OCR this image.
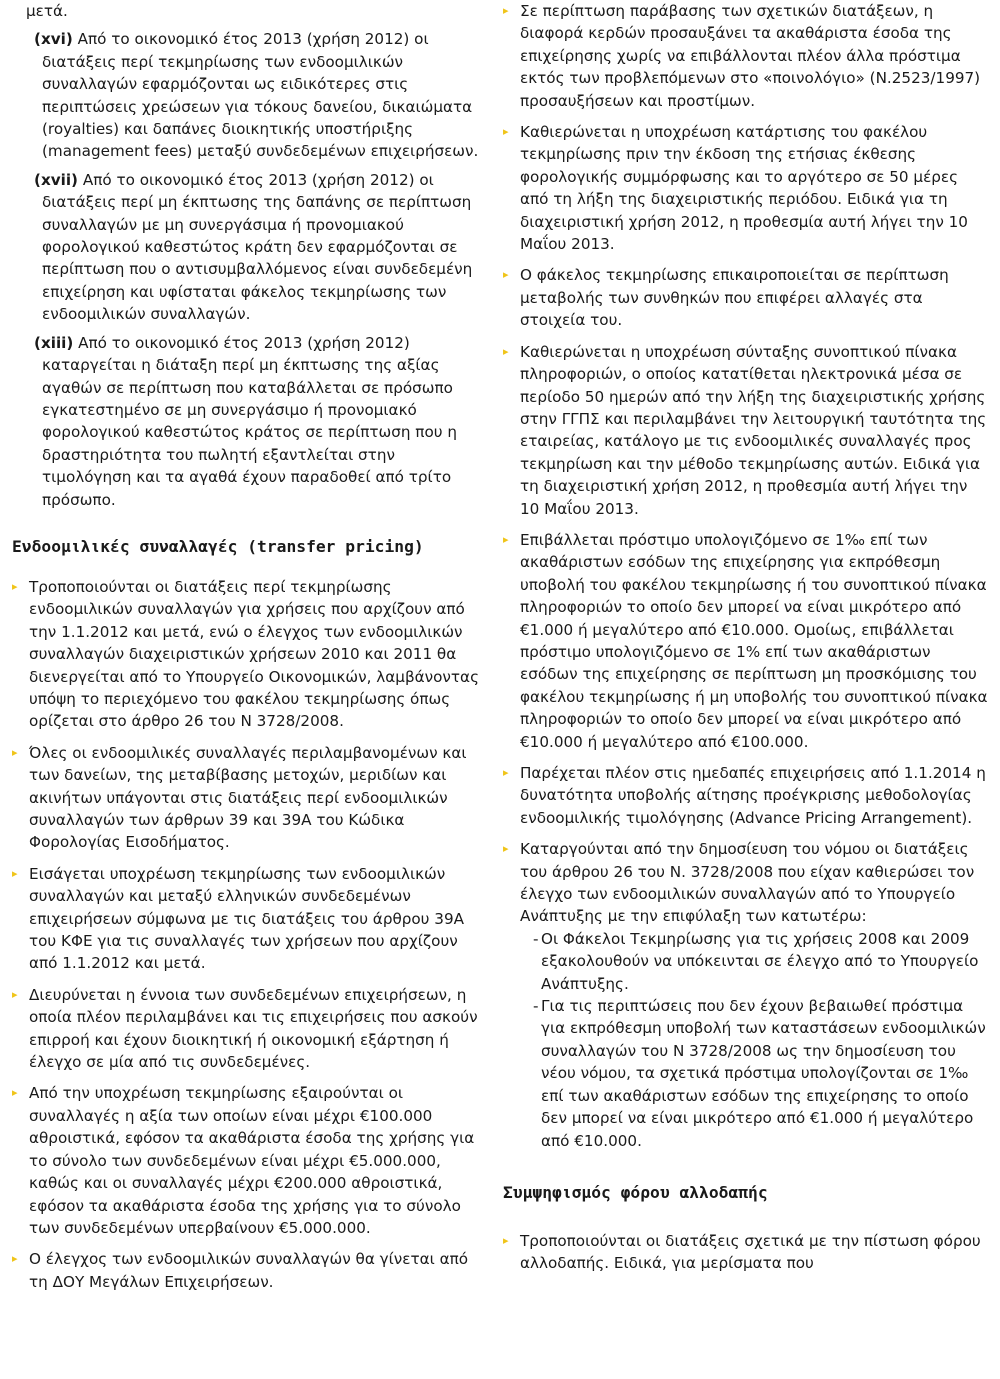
μετά.
(xvi) Από το οικονομικό έτος 2013 (χρήση 2012) οι διατάξεις περί τεκμηρίωσης των ενδοομιλικών συναλλαγών εφαρμόζονται ως ειδικότερες στις περιπτώσεις χρεώσεων για τόκους δανείου, δικαιώματα (royalties) και δαπάνες διοικητικής υποστήριξης (management fees) μεταξύ συνδεδεμένων επιχειρήσεων.
(xvii) Από το οικονομικό έτος 2013 (χρήση 2012) οι διατάξεις περί μη έκπτωσης της δαπάνης σε περίπτωση συναλλαγών με μη συνεργάσιμα ή προνομιακού φορολογικού καθεστώτος κράτη δεν εφαρμόζονται σε περίπτωση που ο αντισυμβαλλόμενος είναι συνδεδεμένη επιχείρηση και υφίσταται φάκελος τεκμηρίωσης των ενδοομιλικών συναλλαγών.
(xiii) Από το οικονομικό έτος 2013 (χρήση 2012) καταργείται η διάταξη περί μη έκπτωσης της αξίας αγαθών σε περίπτωση που καταβάλλεται σε πρόσωπο εγκατεστημένο σε μη συνεργάσιμο ή προνομιακό φορολογικού καθεστώτος κράτος σε περίπτωση που η δραστηριότητα του πωλητή εξαντλείται στην τιμολόγηση και τα αγαθά έχουν παραδοθεί από τρίτο πρόσωπο.
Ενδοομιλικές συναλλαγές (transfer pricing)
▸ Τροποποιούνται οι διατάξεις περί τεκμηρίωσης ενδοομιλικών συναλλαγών για χρήσεις που αρχίζουν από την 1.1.2012 και μετά, ενώ ο έλεγχος των ενδοομιλικών συναλλαγών διαχειριστικών χρήσεων 2010 και 2011 θα διενεργείται από το Υπουργείο Οικονομικών, λαμβάνοντας υπόψη το περιεχόμενο του φακέλου τεκμηρίωσης όπως ορίζεται στο άρθρο 26 του Ν 3728/2008.
▸ Όλες οι ενδοομιλικές συναλλαγές περιλαμβανομένων και των δανείων, της μεταβίβασης μετοχών, μεριδίων και ακινήτων υπάγονται στις διατάξεις περί ενδοομιλικών συναλλαγών των άρθρων 39 και 39Α του Κώδικα Φορολογίας Εισοδήματος.
▸ Εισάγεται υποχρέωση τεκμηρίωσης των ενδοομιλικών συναλλαγών και μεταξύ ελληνικών συνδεδεμένων επιχειρήσεων σύμφωνα με τις διατάξεις του άρθρου 39Α του ΚΦΕ για τις συναλλαγές των χρήσεων που αρχίζουν από 1.1.2012 και μετά.
▸ Διευρύνεται η έννοια των συνδεδεμένων επιχειρήσεων, η οποία πλέον περιλαμβάνει και τις επιχειρήσεις που ασκούν επιρροή και έχουν διοικητική ή οικονομική εξάρτηση ή έλεγχο σε μία από τις συνδεδεμένες.
▸ Από την υποχρέωση τεκμηρίωσης εξαιρούνται οι συναλλαγές η αξία των οποίων είναι μέχρι €100.000 αθροιστικά, εφόσον τα ακαθάριστα έσοδα της χρήσης για το σύνολο των συνδεδεμένων είναι μέχρι €5.000.000, καθώς και οι συναλλαγές μέχρι €200.000 αθροιστικά, εφόσον τα ακαθάριστα έσοδα της χρήσης για το σύνολο των συνδεδεμένων υπερβαίνουν €5.000.000.
▸ Ο έλεγχος των ενδοομιλικών συναλλαγών θα γίνεται από τη ΔΟΥ Μεγάλων Επιχειρήσεων.
▸ Σε περίπτωση παράβασης των σχετικών διατάξεων, η διαφορά κερδών προσαυξάνει τα ακαθάριστα έσοδα της επιχείρησης χωρίς να επιβάλλονται πλέον άλλα πρόστιμα εκτός των προβλεπόμενων στο «ποινολόγιο» (Ν.2523/1997) προσαυξήσεων και προστίμων.
▸ Καθιερώνεται η υποχρέωση κατάρτισης του φακέλου τεκμηρίωσης πριν την έκδοση της ετήσιας έκθεσης φορολογικής συμμόρφωσης και το αργότερο σε 50 μέρες από τη λήξη της διαχειριστικής περιόδου. Ειδικά για τη διαχειριστική χρήση 2012, η προθεσμία αυτή λήγει την 10 Μαΐου 2013.
▸ Ο φάκελος τεκμηρίωσης επικαιροποιείται σε περίπτωση μεταβολής των συνθηκών που επιφέρει αλλαγές στα στοιχεία του.
▸ Καθιερώνεται η υποχρέωση σύνταξης συνοπτικού πίνακα πληροφοριών, ο οποίος κατατίθεται ηλεκτρονικά μέσα σε περίοδο 50 ημερών από την λήξη της διαχειριστικής χρήσης στην ΓΓΠΣ και περιλαμβάνει την λειτουργική ταυτότητα της εταιρείας, κατάλογο με τις ενδοομιλικές συναλλαγές προς τεκμηρίωση και την μέθοδο τεκμηρίωσης αυτών. Ειδικά για τη διαχειριστική χρήση 2012, η προθεσμία αυτή λήγει την 10 Μαΐου 2013.
▸ Επιβάλλεται πρόστιμο υπολογιζόμενο σε 1‰ επί των ακαθάριστων εσόδων της επιχείρησης για εκπρόθεσμη υποβολή του φακέλου τεκμηρίωσης ή του συνοπτικού πίνακα πληροφοριών το οποίο δεν μπορεί να είναι μικρότερο από €1.000 ή μεγαλύτερο από €10.000. Ομοίως, επιβάλλεται πρόστιμο υπολογιζόμενο σε 1% επί των ακαθάριστων εσόδων της επιχείρησης σε περίπτωση μη προσκόμισης του φακέλου τεκμηρίωσης ή μη υποβολής του συνοπτικού πίνακα πληροφοριών το οποίο δεν μπορεί να είναι μικρότερο από €10.000 ή μεγαλύτερο από €100.000.
▸ Παρέχεται πλέον στις ημεδαπές επιχειρήσεις από 1.1.2014 η δυνατότητα υποβολής αίτησης προέγκρισης μεθοδολογίας ενδοομιλικής τιμολόγησης (Advance Pricing Arrangement).
▸ Καταργούνται από την δημοσίευση του νόμου οι διατάξεις του άρθρου 26 του Ν. 3728/2008 που είχαν καθιερώσει τον έλεγχο των ενδοομιλικών συναλλαγών από το Υπουργείο Ανάπτυξης με την επιφύλαξη των κατωτέρω:
- Οι Φάκελοι Τεκμηρίωσης για τις χρήσεις 2008 και 2009 εξακολουθούν να υπόκεινται σε έλεγχο από το Υπουργείο Ανάπτυξης.
- Για τις περιπτώσεις που δεν έχουν βεβαιωθεί πρόστιμα για εκπρόθεσμη υποβολή των καταστάσεων ενδοομιλικών συναλλαγών του Ν 3728/2008 ως την δημοσίευση του νέου νόμου, τα σχετικά πρόστιμα υπολογίζονται σε 1‰ επί των ακαθάριστων εσόδων της επιχείρησης το οποίο δεν μπορεί να είναι μικρότερο από €1.000 ή μεγαλύτερο από €10.000.
Συμψηφισμός φόρου αλλοδαπής
▸ Τροποποιούνται οι διατάξεις σχετικά με την πίστωση φόρου αλλοδαπής. Ειδικά, για μερίσματα που
